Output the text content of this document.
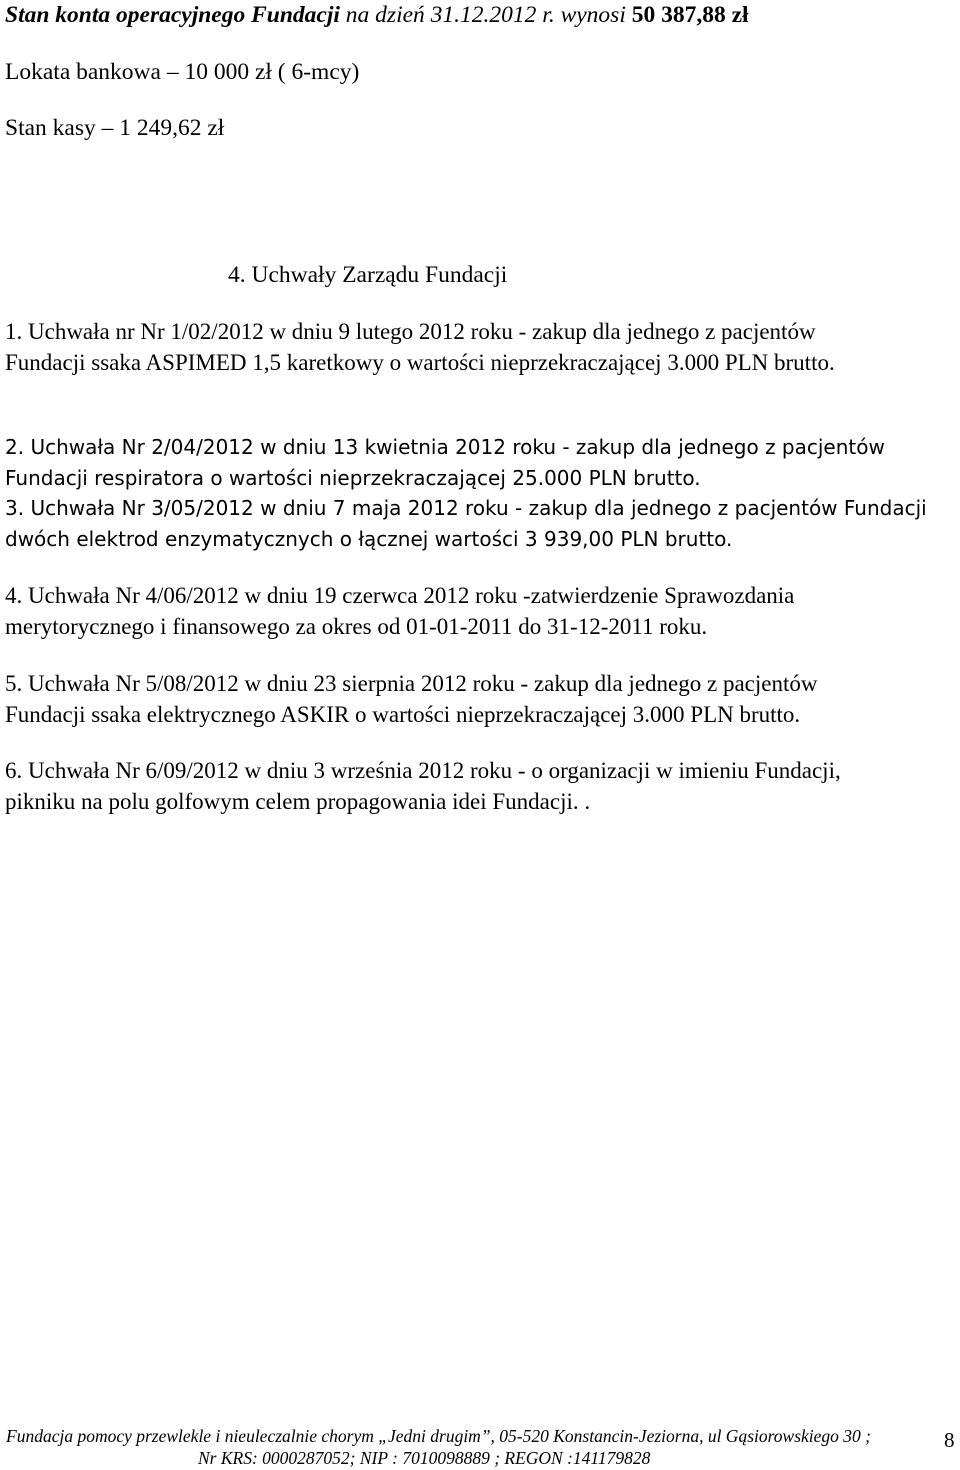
Stan konta operacyjnego Fundacji na dzień 31.12.2012 r. wynosi 50 387,88 zł
Lokata bankowa – 10 000 zł ( 6-mcy)
Stan kasy – 1 249,62 zł
4. Uchwały Zarządu Fundacji
1. Uchwała nr Nr 1/02/2012 w dniu 9 lutego 2012 roku - zakup dla jednego z pacjentów
Fundacji ssaka ASPIMED 1,5 karetkowy o wartości nieprzekraczającej 3.000 PLN brutto.
2. Uchwała Nr 2/04/2012 w dniu 13 kwietnia 2012 roku - zakup dla jednego z pacjentów
Fundacji respiratora o wartości nieprzekraczającej 25.000 PLN brutto.
3. Uchwała Nr 3/05/2012 w dniu 7 maja 2012 roku - zakup dla jednego z pacjentów Fundacji
dwóch elektrod enzymatycznych o łącznej wartości 3 939,00 PLN brutto.
4. Uchwała Nr 4/06/2012 w dniu 19 czerwca 2012 roku -zatwierdzenie Sprawozdania
merytorycznego i finansowego za okres od 01-01-2011 do 31-12-2011 roku.
5. Uchwała Nr 5/08/2012 w dniu 23 sierpnia 2012 roku - zakup dla jednego z pacjentów
Fundacji ssaka elektrycznego ASKIR o wartości nieprzekraczającej 3.000 PLN brutto.
6. Uchwała Nr 6/09/2012 w dniu 3 września 2012 roku - o organizacji w imieniu Fundacji,
pikniku na polu golfowym celem propagowania idei Fundacji. .
Fundacja pomocy przewlekle i nieuleczalnie chorym „Jedni drugim”, 05-520 Konstancin-Jeziorna, ul Gąsiorowskiego 30 ;
Nr KRS: 0000287052; NIP : 7010098889 ; REGON :141179828
8
